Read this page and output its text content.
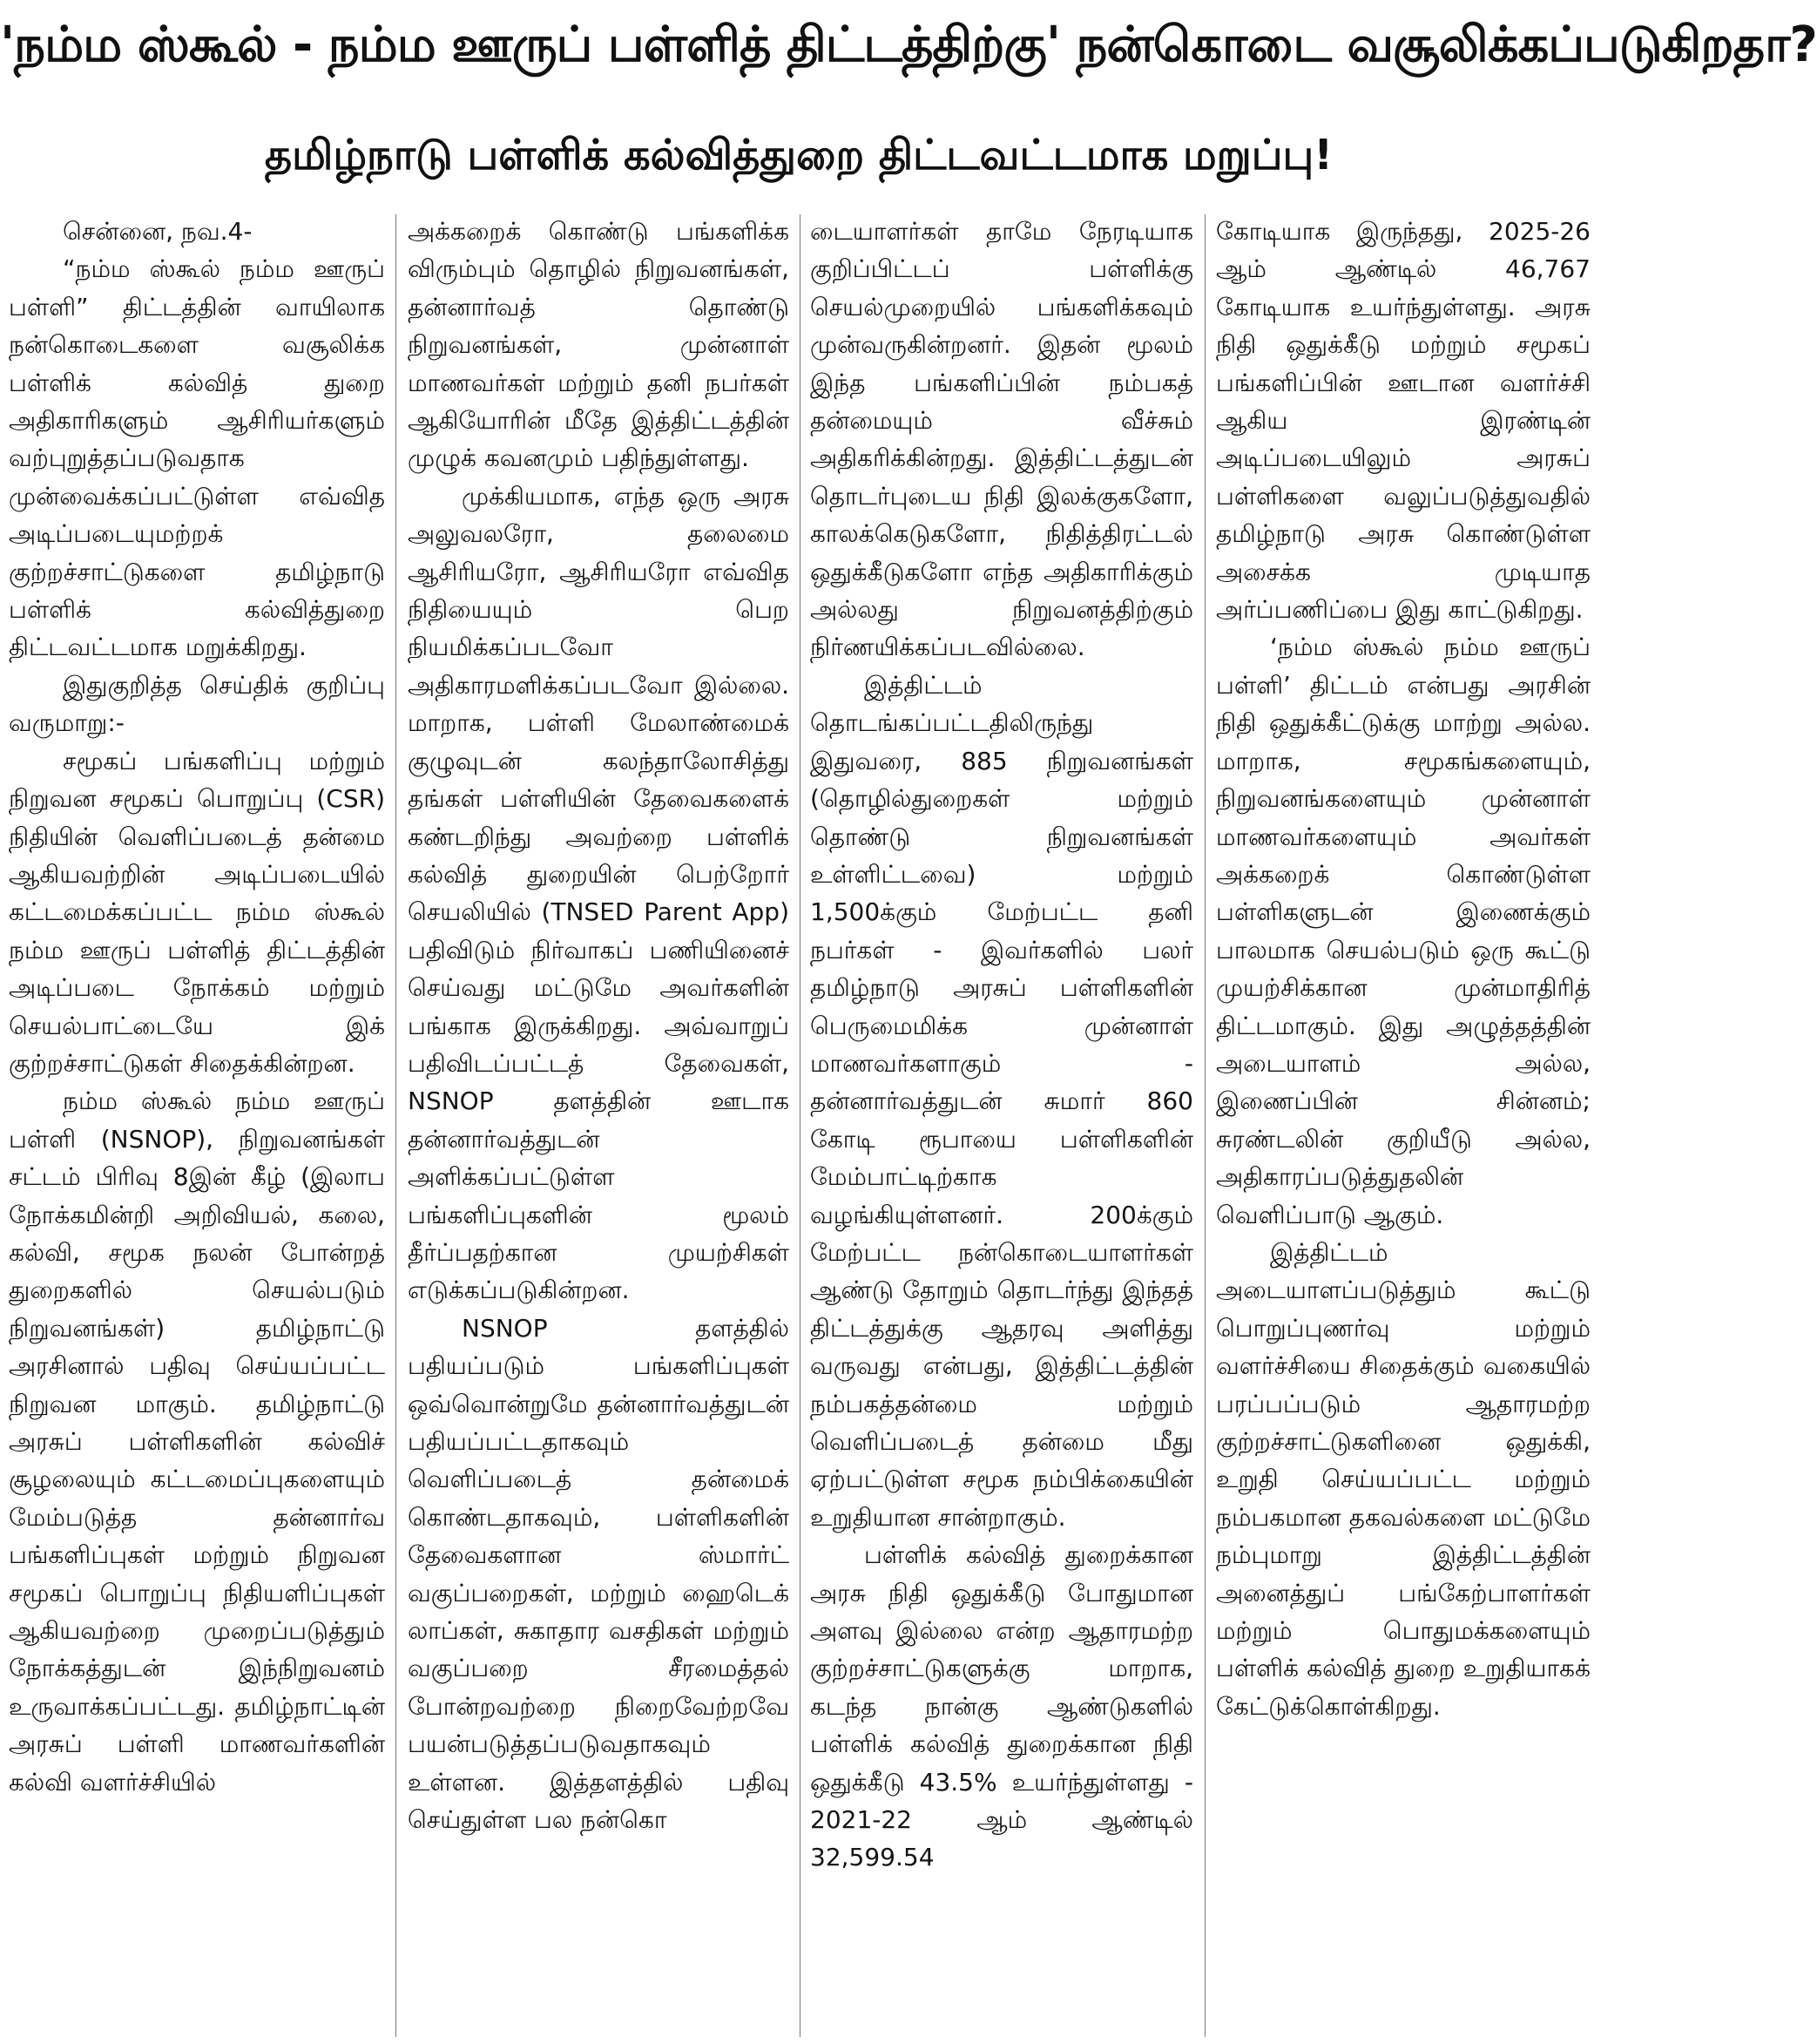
'நம்ம ஸ்கூல் - நம்ம ஊருப் பள்ளித் திட்டத்திற்கு' நன்கொடை வசூலிக்கப்படுகிறதா?
தமிழ்நாடு பள்ளிக் கல்வித்துறை திட்டவட்டமாக மறுப்பு!

சென்னை, நவ.4-

“நம்ம ஸ்கூல் நம்ம ஊருப் பள்ளி” திட்டத்தின் வாயிலாக நன்கொடைகளை வசூலிக்க பள்ளிக் கல்வித் துறை அதிகாரிகளும் ஆசிரியர்களும் வற்புறுத்தப்படுவதாக முன்வைக்கப்பட்டுள்ள எவ்வித அடிப்படையுமற்றக் குற்றச்சாட்டுகளை தமிழ்நாடு பள்ளிக் கல்வித்துறை திட்டவட்டமாக மறுக்கிறது.

இதுகுறித்த செய்திக் குறிப்பு வருமாறு:-

சமூகப் பங்களிப்பு மற்றும் நிறுவன சமூகப் பொறுப்பு (CSR) நிதியின் வெளிப்படைத் தன்மை ஆகியவற்றின் அடிப்படையில் கட்டமைக்கப்பட்ட நம்ம ஸ்கூல் நம்ம ஊருப் பள்ளித் திட்டத்தின் அடிப்படை நோக்கம் மற்றும் செயல்பாட்டையே இக் குற்றச்சாட்டுகள் சிதைக்கின்றன.

நம்ம ஸ்கூல் நம்ம ஊருப் பள்ளி (NSNOP), நிறுவனங்கள் சட்டம் பிரிவு 8இன் கீழ் (இலாப நோக்கமின்றி அறிவியல், கலை, கல்வி, சமூக நலன் போன்றத் துறைகளில் செயல்படும் நிறுவனங்கள்) தமிழ்நாட்டு அரசினால் பதிவு செய்யப்பட்ட நிறுவன மாகும். தமிழ்நாட்டு அரசுப் பள்ளிகளின் கல்விச் சூழலையும் கட்டமைப்புகளையும் மேம்படுத்த தன்னார்வ பங்களிப்புகள் மற்றும் நிறுவன சமூகப் பொறுப்பு நிதியளிப்புகள் ஆகியவற்றை முறைப்படுத்தும் நோக்கத்துடன் இந்நிறுவனம் உருவாக்கப்பட்டது. தமிழ்நாட்டின் அரசுப் பள்ளி மாணவர்களின் கல்வி வளர்ச்சியில்

அக்கறைக் கொண்டு பங்களிக்க விரும்பும் தொழில் நிறுவனங்கள், தன்னார்வத் தொண்டு நிறுவனங்கள், முன்னாள் மாணவர்கள் மற்றும் தனி நபர்கள் ஆகியோரின் மீதே இத்திட்டத்தின் முழுக் கவனமும் பதிந்துள்ளது.

முக்கியமாக, எந்த ஒரு அரசு அலுவலரோ, தலைமை ஆசிரியரோ, ஆசிரியரோ எவ்வித நிதியையும் பெற நியமிக்கப்படவோ அதிகாரமளிக்கப்படவோ இல்லை. மாறாக, பள்ளி மேலாண்மைக் குழுவுடன் கலந்தாலோசித்து தங்கள் பள்ளியின் தேவைகளைக் கண்டறிந்து அவற்றை பள்ளிக் கல்வித் துறையின் பெற்றோர் செயலியில் (TNSED Parent App) பதிவிடும் நிர்வாகப் பணியினைச் செய்வது மட்டுமே அவர்களின் பங்காக இருக்கிறது. அவ்வாறுப் பதிவிடப்பட்டத் தேவைகள், NSNOP தளத்தின் ஊடாக தன்னார்வத்துடன் அளிக்கப்பட்டுள்ள பங்களிப்புகளின் மூலம் தீர்ப்பதற்கான முயற்சிகள் எடுக்கப்படுகின்றன.

NSNOP தளத்தில் பதியப்படும் பங்களிப்புகள் ஒவ்வொன்றுமே தன்னார்வத்துடன் பதியப்பட்டதாகவும் வெளிப்படைத் தன்மைக் கொண்டதாகவும், பள்ளிகளின் தேவைகளான ஸ்மார்ட் வகுப்பறைகள், மற்றும் ஹைடெக் லாப்கள், சுகாதார வசதிகள் மற்றும் வகுப்பறை சீரமைத்தல் போன்றவற்றை நிறைவேற்றவே பயன்படுத்தப்படுவதாகவும் உள்ளன. இத்தளத்தில் பதிவு செய்துள்ள பல நன்கொ

டையாளர்கள் தாமே நேரடியாக குறிப்பிட்டப் பள்ளிக்கு செயல்முறையில் பங்களிக்கவும் முன்வருகின்றனர். இதன் மூலம் இந்த பங்களிப்பின் நம்பகத் தன்மையும் வீச்சும் அதிகரிக்கின்றது. இத்திட்டத்துடன் தொடர்புடைய நிதி இலக்குகளோ, காலக்கெடுகளோ, நிதித்திரட்டல் ஒதுக்கீடுகளோ எந்த அதிகாரிக்கும் அல்லது நிறுவனத்திற்கும் நிர்ணயிக்கப்படவில்லை.

இத்திட்டம் தொடங்கப்பட்டதிலிருந்து இதுவரை, 885 நிறுவனங்கள் (தொழில்துறைகள் மற்றும் தொண்டு நிறுவனங்கள் உள்ளிட்டவை) மற்றும் 1,500க்கும் மேற்பட்ட தனி நபர்கள் - இவர்களில் பலர் தமிழ்நாடு அரசுப் பள்ளிகளின் பெருமைமிக்க முன்னாள் மாணவர்களாகும் - தன்னார்வத்துடன் சுமார் 860 கோடி ரூபாயை பள்ளிகளின் மேம்பாட்டிற்காக வழங்கியுள்ளனர். 200க்கும் மேற்பட்ட நன்கொடையாளர்கள் ஆண்டு தோறும் தொடர்ந்து இந்தத் திட்டத்துக்கு ஆதரவு அளித்து வருவது என்பது, இத்திட்டத்தின் நம்பகத்தன்மை மற்றும் வெளிப்படைத் தன்மை மீது ஏற்பட்டுள்ள சமூக நம்பிக்கையின் உறுதியான சான்றாகும்.

பள்ளிக் கல்வித் துறைக்கான அரசு நிதி ஒதுக்கீடு போதுமான அளவு இல்லை என்ற ஆதாரமற்ற குற்றச்சாட்டுகளுக்கு மாறாக, கடந்த நான்கு ஆண்டுகளில் பள்ளிக் கல்வித் துறைக்கான நிதி ஒதுக்கீடு 43.5% உயர்ந்துள்ளது - 2021-22 ஆம் ஆண்டில் 32,599.54

கோடியாக இருந்தது, 2025-26 ஆம் ஆண்டில் 46,767 கோடியாக உயர்ந்துள்ளது. அரசு நிதி ஒதுக்கீடு மற்றும் சமூகப் பங்களிப்பின் ஊடான வளர்ச்சி ஆகிய இரண்டின் அடிப்படையிலும் அரசுப் பள்ளிகளை வலுப்படுத்துவதில் தமிழ்நாடு அரசு கொண்டுள்ள அசைக்க முடியாத அர்ப்பணிப்பை இது காட்டுகிறது.

‘நம்ம ஸ்கூல் நம்ம ஊருப் பள்ளி’ திட்டம் என்பது அரசின் நிதி ஒதுக்கீட்டுக்கு மாற்று அல்ல. மாறாக, சமூகங்களையும், நிறுவனங்களையும் முன்னாள் மாணவர்களையும் அவர்கள் அக்கறைக் கொண்டுள்ள பள்ளிகளுடன் இணைக்கும் பாலமாக செயல்படும் ஒரு கூட்டு முயற்சிக்கான முன்மாதிரித் திட்டமாகும். இது அழுத்தத்தின் அடையாளம் அல்ல, இணைப்பின் சின்னம்; சுரண்டலின் குறியீடு அல்ல, அதிகாரப்படுத்துதலின் வெளிப்பாடு ஆகும்.

இத்திட்டம் அடையாளப்படுத்தும் கூட்டு பொறுப்புணர்வு மற்றும் வளர்ச்சியை சிதைக்கும் வகையில் பரப்பப்படும் ஆதாரமற்ற குற்றச்சாட்டுகளினை ஒதுக்கி, உறுதி செய்யப்பட்ட மற்றும் நம்பகமான தகவல்களை மட்டுமே நம்புமாறு இத்திட்டத்தின் அனைத்துப் பங்கேற்பாளர்கள் மற்றும் பொதுமக்களையும் பள்ளிக் கல்வித் துறை உறுதியாகக் கேட்டுக்கொள்கிறது.
